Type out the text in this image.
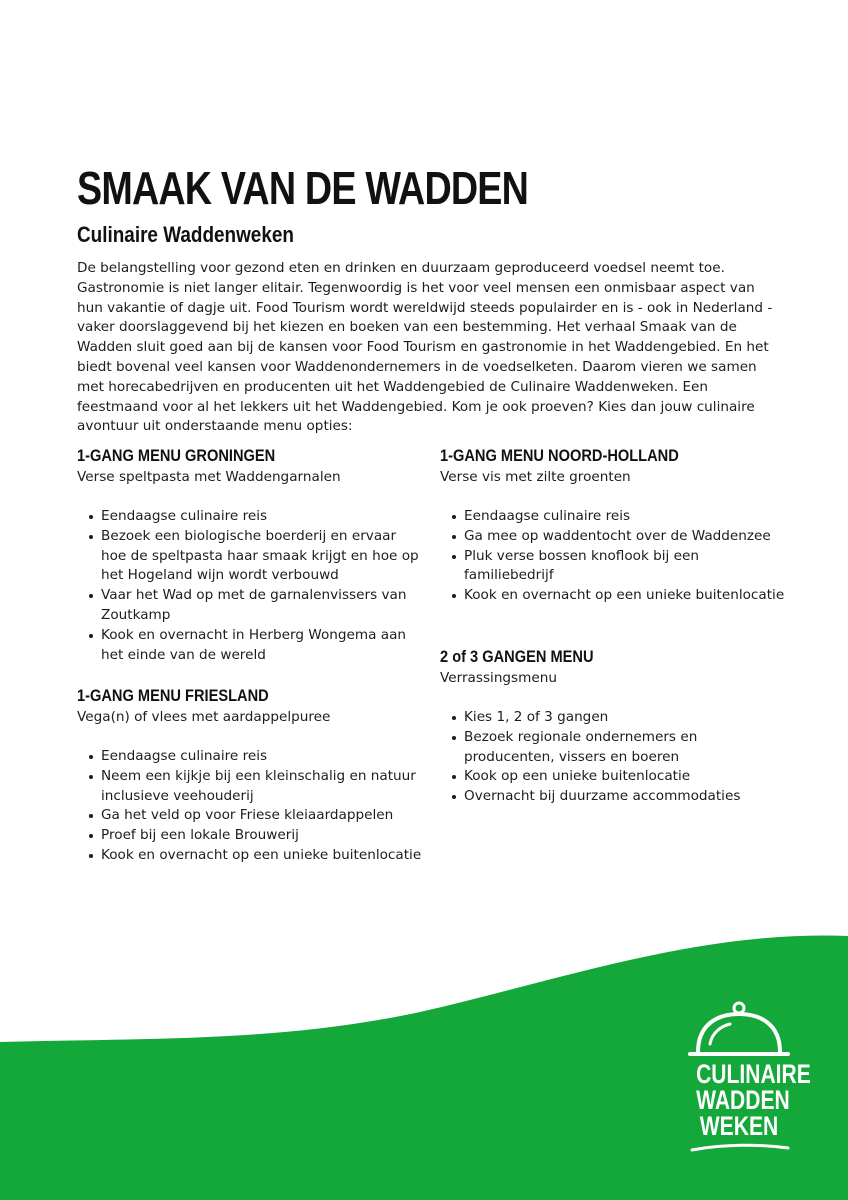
SMAAK VAN DE WADDEN
Culinaire Waddenweken

De belangstelling voor gezond eten en drinken en duurzaam geproduceerd voedsel neemt toe. Gastronomie is niet langer elitair. Tegenwoordig is het voor veel mensen een onmisbaar aspect van hun vakantie of dagje uit. Food Tourism wordt wereldwijd steeds populairder en is - ook in Nederland - vaker doorslaggevend bij het kiezen en boeken van een bestemming. Het verhaal Smaak van de Wadden sluit goed aan bij de kansen voor Food Tourism en gastronomie in het Waddengebied. En het biedt bovenal veel kansen voor Waddenondernemers in de voedselketen. Daarom vieren we samen met horecabedrijven en producenten uit het Waddengebied de Culinaire Waddenweken. Een feestmaand voor al het lekkers uit het Waddengebied. Kom je ook proeven? Kies dan jouw culinaire avontuur uit onderstaande menu opties:

1-GANG MENU GRONINGEN

Verse speltpasta met Waddengarnalen

Eendaagse culinaire reis
Bezoek een biologische boerderij en ervaar hoe de speltpasta haar smaak krijgt en hoe op het Hogeland wijn wordt verbouwd
Vaar het Wad op met de garnalenvissers van Zoutkamp
Kook en overnacht in Herberg Wongema aan het einde van de wereld
1-GANG MENU FRIESLAND

Vega(n) of vlees met aardappelpuree

Eendaagse culinaire reis
Neem een kijkje bij een kleinschalig en natuur inclusieve veehouderij
Ga het veld op voor Friese kleiaardappelen
Proef bij een lokale Brouwerij
Kook en overnacht op een unieke buitenlocatie
1-GANG MENU NOORD-HOLLAND

Verse vis met zilte groenten

Eendaagse culinaire reis
Ga mee op waddentocht over de Waddenzee
Pluk verse bossen knoflook bij een familiebedrijf
Kook en overnacht op een unieke buitenlocatie
2 of 3 GANGEN MENU

Verrassingsmenu

Kies 1, 2 of 3 gangen
Bezoek regionale ondernemers en producenten, vissers en boeren
Kook op een unieke buitenlocatie
Overnacht bij duurzame accommodaties
CULINAIRE
WADDEN
WEKEN
